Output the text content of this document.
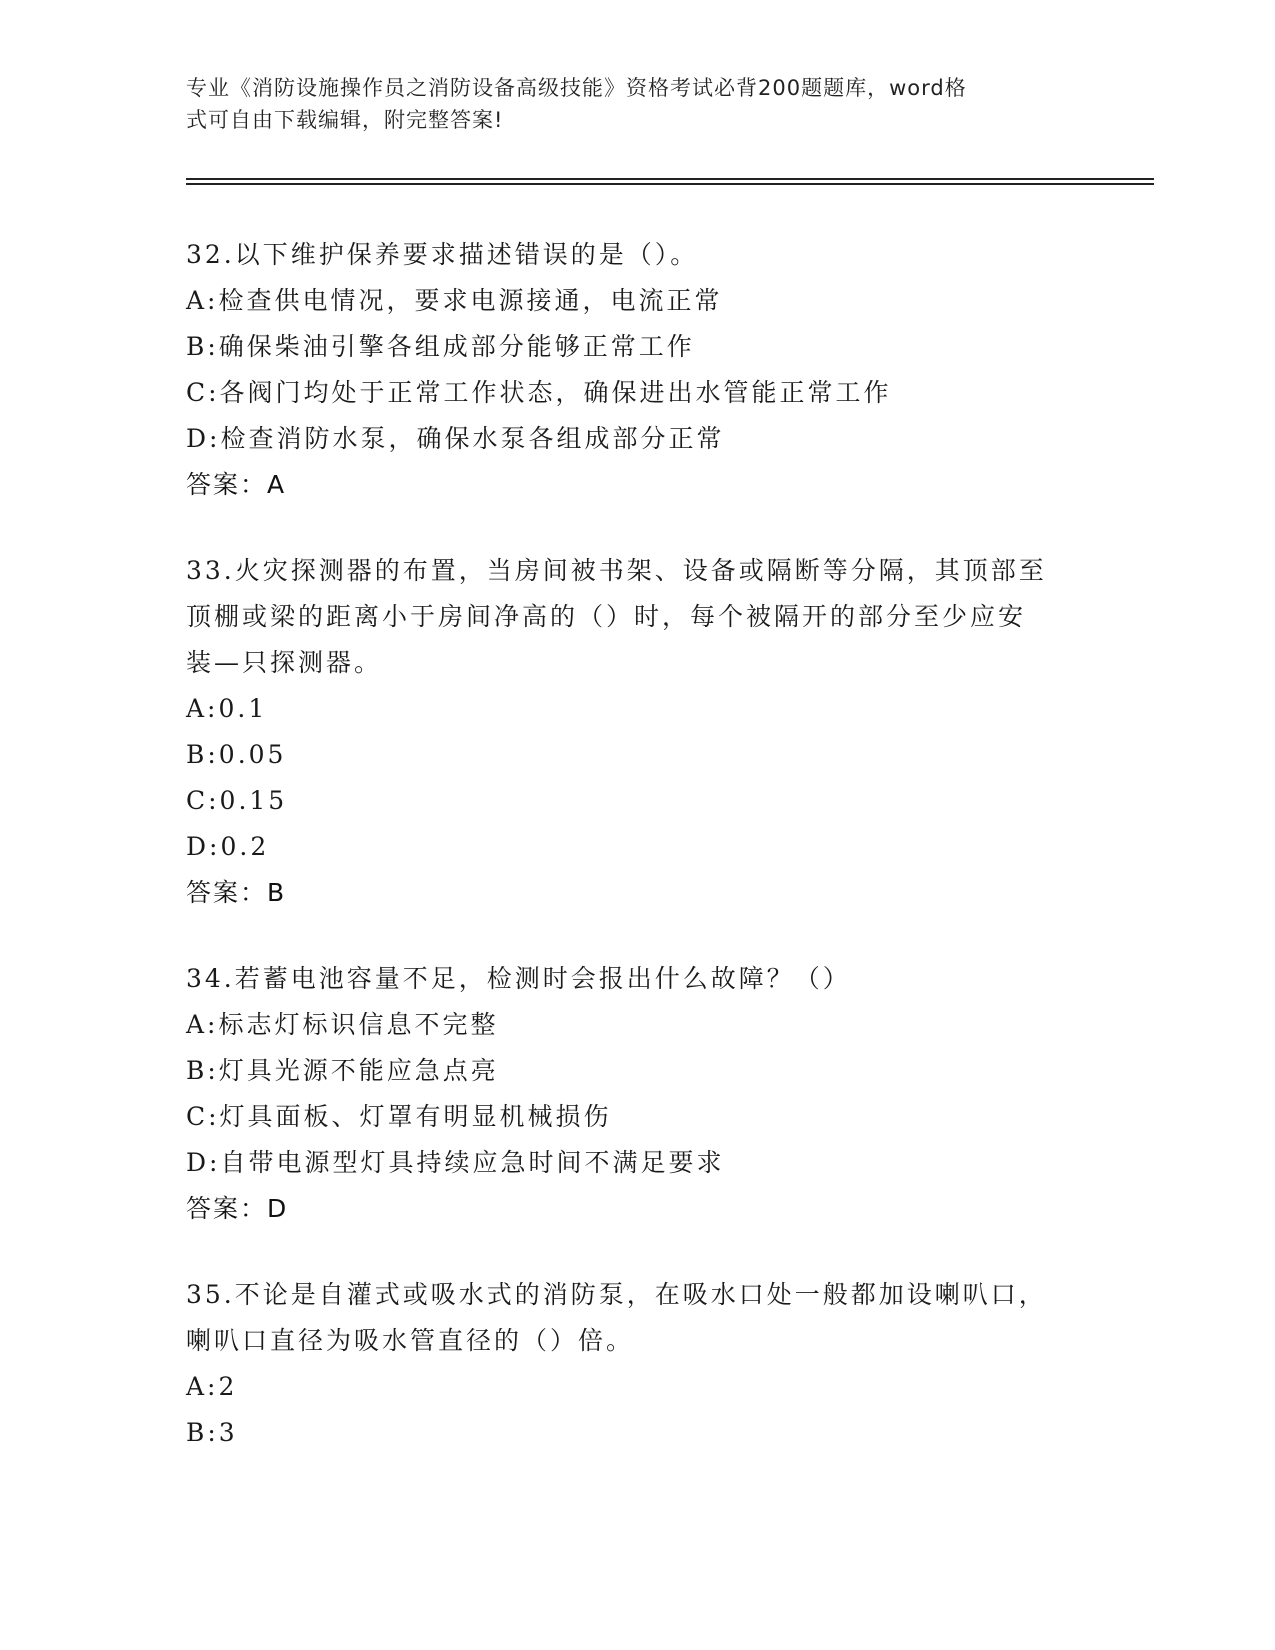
专业《消防设施操作员之消防设备高级技能》资格考试必背200题题库，word格
式可自由下载编辑，附完整答案!
32.以下维护保养要求描述错误的是（）。
A:检查供电情况，要求电源接通，电流正常
B:确保柴油引擎各组成部分能够正常工作
C:各阀门均处于正常工作状态，确保进出水管能正常工作
D:检查消防水泵，确保水泵各组成部分正常
答案：A
33.火灾探测器的布置，当房间被书架、设备或隔断等分隔，其顶部至
顶棚或梁的距离小于房间净高的（）时，每个被隔开的部分至少应安
装—只探测器。
A:0.1
B:0.05
C:0.15
D:0.2
答案：B
34.若蓄电池容量不足，检测时会报出什么故障？（）
A:标志灯标识信息不完整
B:灯具光源不能应急点亮
C:灯具面板、灯罩有明显机械损伤
D:自带电源型灯具持续应急时间不满足要求
答案：D
35.不论是自灌式或吸水式的消防泵，在吸水口处一般都加设喇叭口，
喇叭口直径为吸水管直径的（）倍。
A:2
B:3
